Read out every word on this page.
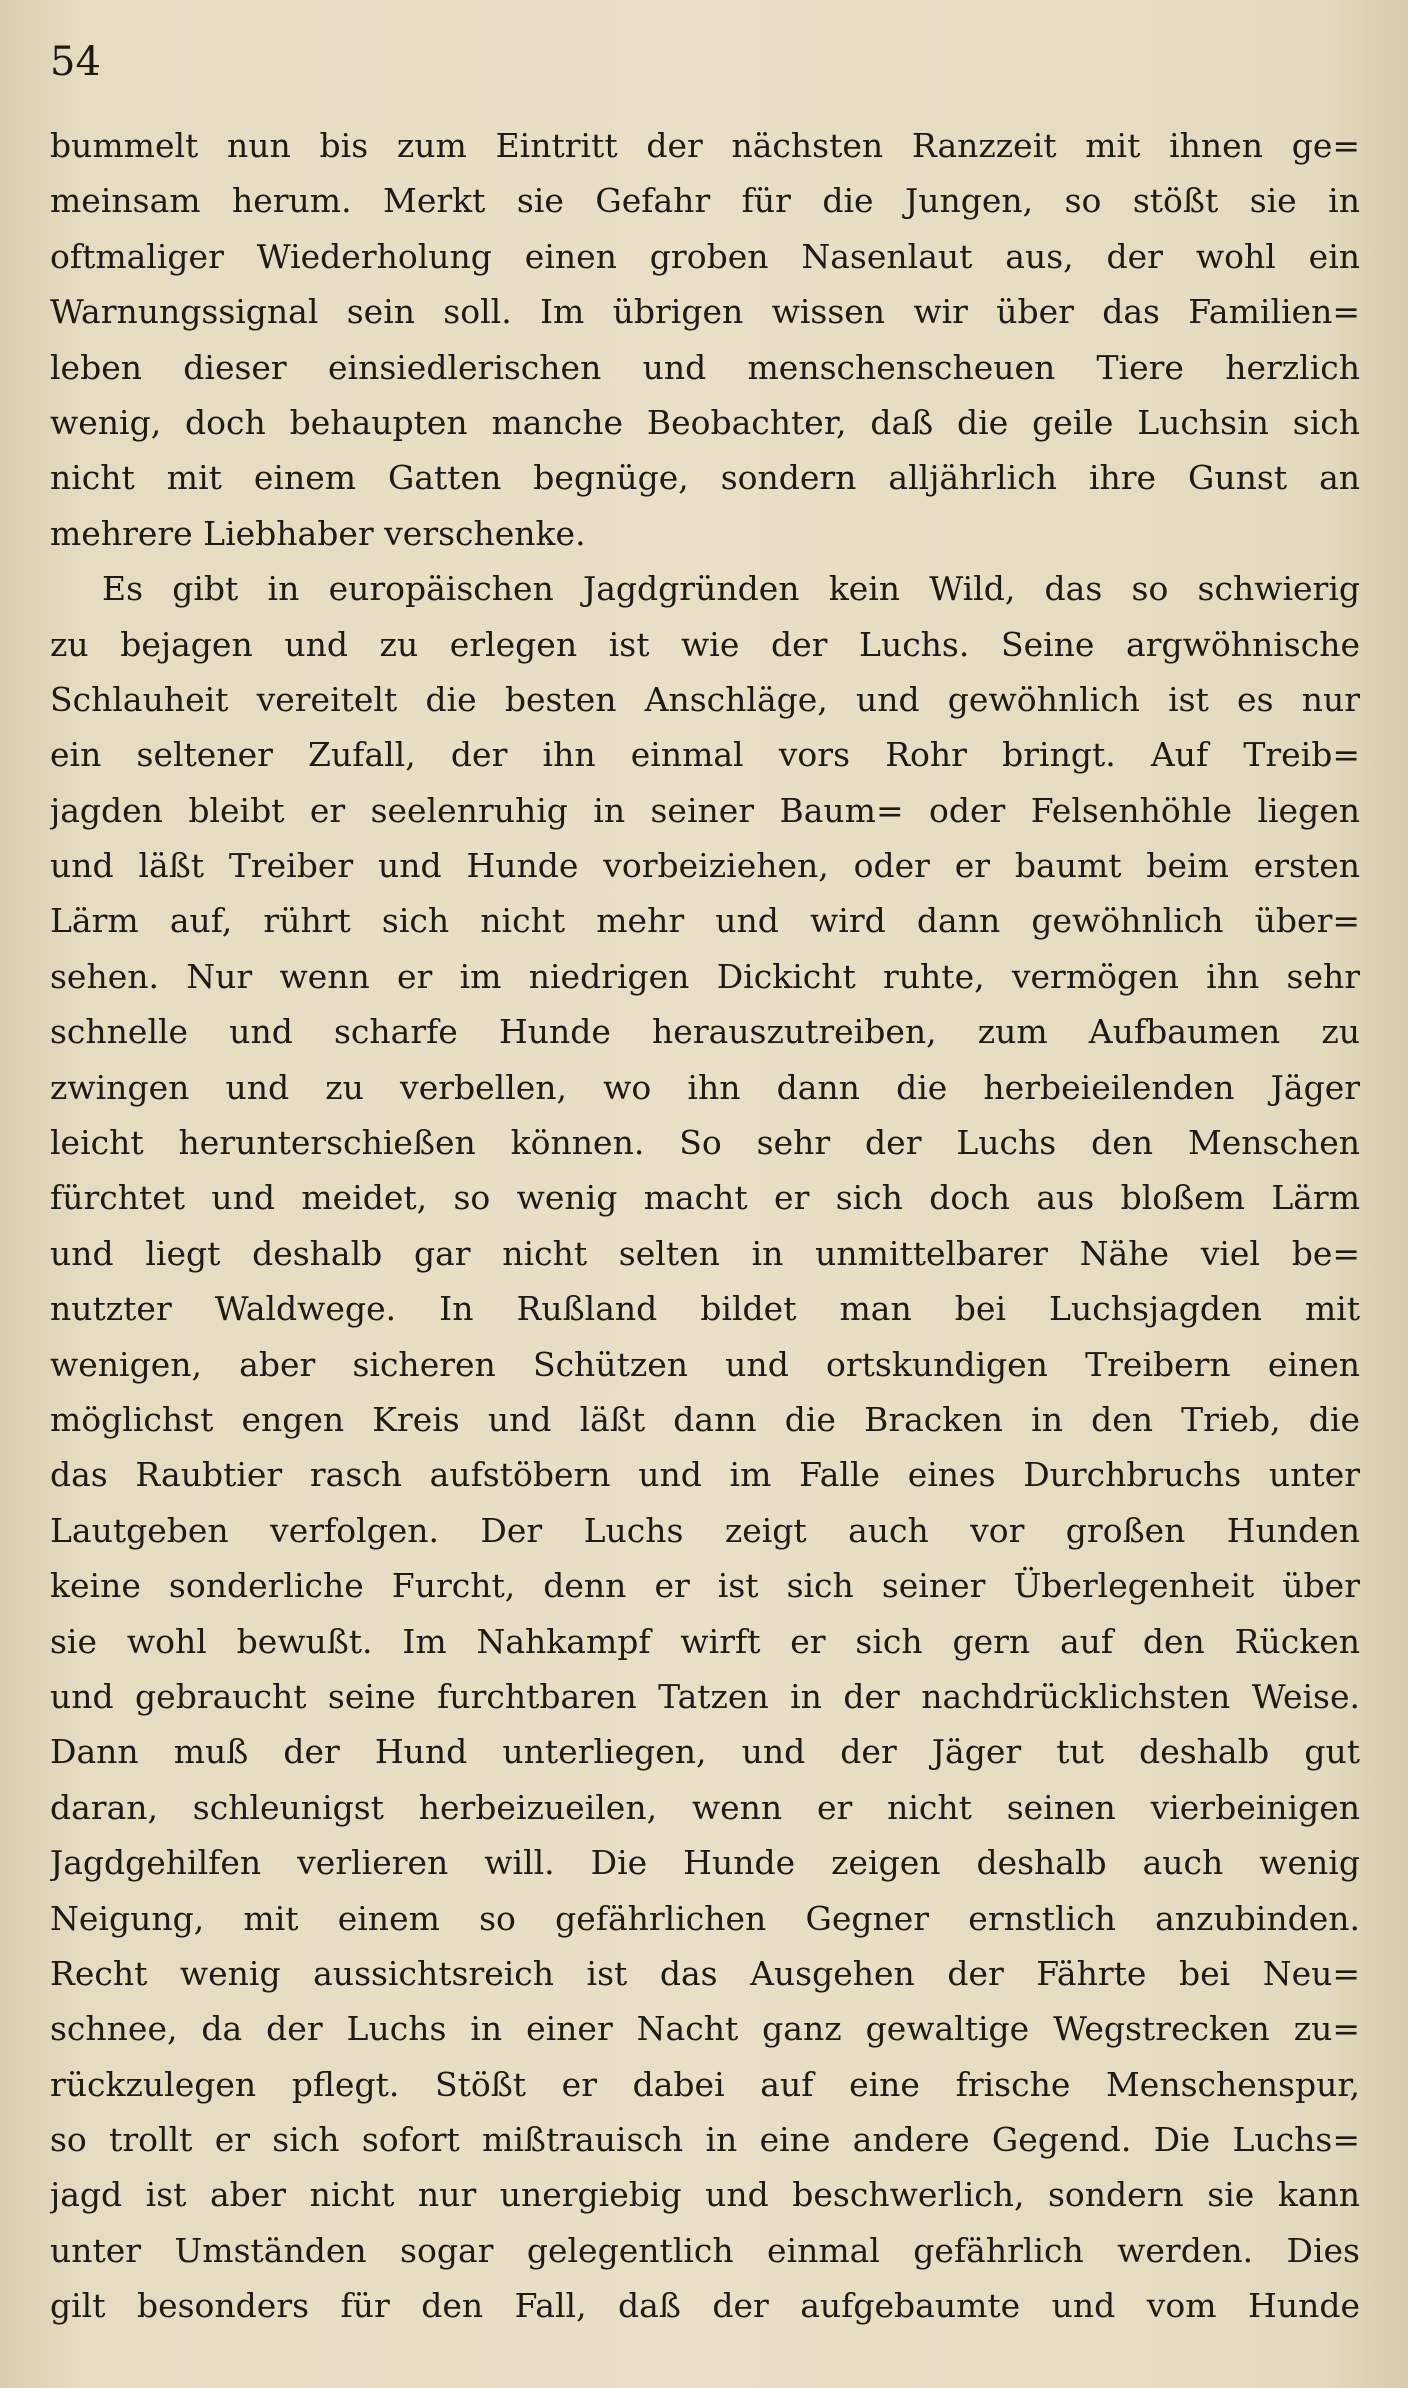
54
bummelt nun bis zum Eintritt der nächsten Ranzzeit mit ihnen ge=
meinsam herum. Merkt sie Gefahr für die Jungen, so stößt sie in
oftmaliger Wiederholung einen groben Nasenlaut aus, der wohl ein
Warnungssignal sein soll. Im übrigen wissen wir über das Familien=
leben dieser einsiedlerischen und menschenscheuen Tiere herzlich
wenig, doch behaupten manche Beobachter, daß die geile Luchsin sich
nicht mit einem Gatten begnüge, sondern alljährlich ihre Gunst an
mehrere Liebhaber verschenke.
Es gibt in europäischen Jagdgründen kein Wild, das so schwierig
zu bejagen und zu erlegen ist wie der Luchs. Seine argwöhnische
Schlauheit vereitelt die besten Anschläge, und gewöhnlich ist es nur
ein seltener Zufall, der ihn einmal vors Rohr bringt. Auf Treib=
jagden bleibt er seelenruhig in seiner Baum= oder Felsenhöhle liegen
und läßt Treiber und Hunde vorbeiziehen, oder er baumt beim ersten
Lärm auf, rührt sich nicht mehr und wird dann gewöhnlich über=
sehen. Nur wenn er im niedrigen Dickicht ruhte, vermögen ihn sehr
schnelle und scharfe Hunde herauszutreiben, zum Aufbaumen zu
zwingen und zu verbellen, wo ihn dann die herbeieilenden Jäger
leicht herunterschießen können. So sehr der Luchs den Menschen
fürchtet und meidet, so wenig macht er sich doch aus bloßem Lärm
und liegt deshalb gar nicht selten in unmittelbarer Nähe viel be=
nutzter Waldwege. In Rußland bildet man bei Luchsjagden mit
wenigen, aber sicheren Schützen und ortskundigen Treibern einen
möglichst engen Kreis und läßt dann die Bracken in den Trieb, die
das Raubtier rasch aufstöbern und im Falle eines Durchbruchs unter
Lautgeben verfolgen. Der Luchs zeigt auch vor großen Hunden
keine sonderliche Furcht, denn er ist sich seiner Überlegenheit über
sie wohl bewußt. Im Nahkampf wirft er sich gern auf den Rücken
und gebraucht seine furchtbaren Tatzen in der nachdrücklichsten Weise.
Dann muß der Hund unterliegen, und der Jäger tut deshalb gut
daran, schleunigst herbeizueilen, wenn er nicht seinen vierbeinigen
Jagdgehilfen verlieren will. Die Hunde zeigen deshalb auch wenig
Neigung, mit einem so gefährlichen Gegner ernstlich anzubinden.
Recht wenig aussichtsreich ist das Ausgehen der Fährte bei Neu=
schnee, da der Luchs in einer Nacht ganz gewaltige Wegstrecken zu=
rückzulegen pflegt. Stößt er dabei auf eine frische Menschenspur,
so trollt er sich sofort mißtrauisch in eine andere Gegend. Die Luchs=
jagd ist aber nicht nur unergiebig und beschwerlich, sondern sie kann
unter Umständen sogar gelegentlich einmal gefährlich werden. Dies
gilt besonders für den Fall, daß der aufgebaumte und vom Hunde
